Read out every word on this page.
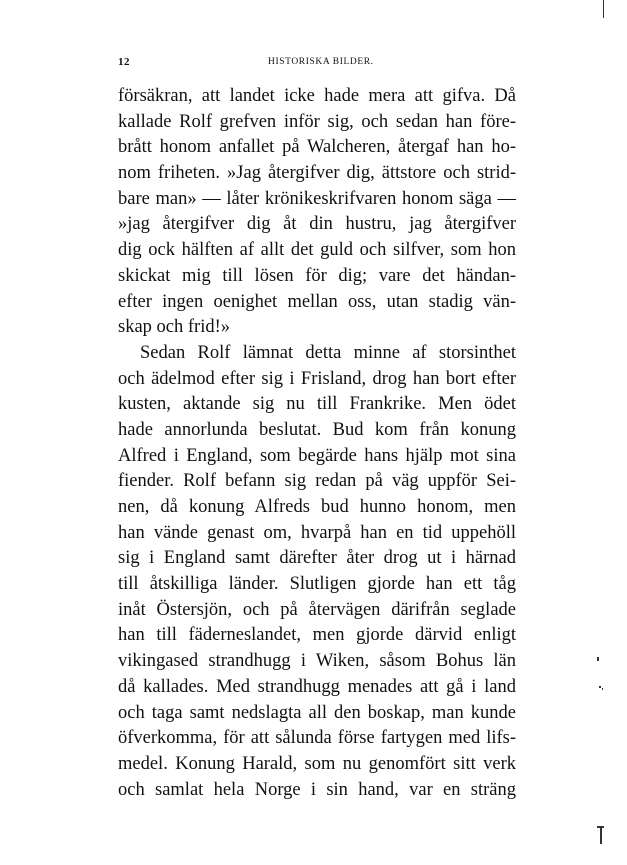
12	HISTORISKA BILDER.
försäkran, att landet icke hade mera att gifva. Då
kallade Rolf grefven inför sig, och sedan han före-
brått honom anfallet på Walcheren, återgaf han ho-
nom friheten. »Jag återgifver dig, ättstore och strid-
bare man» — låter krönikeskrifvaren honom säga —
»jag återgifver dig åt din hustru, jag återgifver
dig ock hälften af allt det guld och silfver, som hon
skickat mig till lösen för dig; vare det händan-
efter ingen oenighet mellan oss, utan stadig vän-
skap och frid!»
Sedan Rolf lämnat detta minne af storsinthet
och ädelmod efter sig i Frisland, drog han bort efter
kusten, aktande sig nu till Frankrike. Men ödet
hade annorlunda beslutat. Bud kom från konung
Alfred i England, som begärde hans hjälp mot sina
fiender. Rolf befann sig redan på väg uppför Sei-
nen, då konung Alfreds bud hunno honom, men
han vände genast om, hvarpå han en tid uppehöll
sig i England samt därefter åter drog ut i härnad
till åtskilliga länder. Slutligen gjorde han ett tåg
inåt Östersjön, och på återvägen därifrån seglade
han till fäderneslandet, men gjorde därvid enligt
vikingased strandhugg i Wiken, såsom Bohus län
då kallades. Med strandhugg menades att gå i land
och taga samt nedslagta all den boskap, man kunde
öfverkomma, för att sålunda förse fartygen med lifs-
medel. Konung Harald, som nu genomfört sitt verk
och samlat hela Norge i sin hand, var en sträng
